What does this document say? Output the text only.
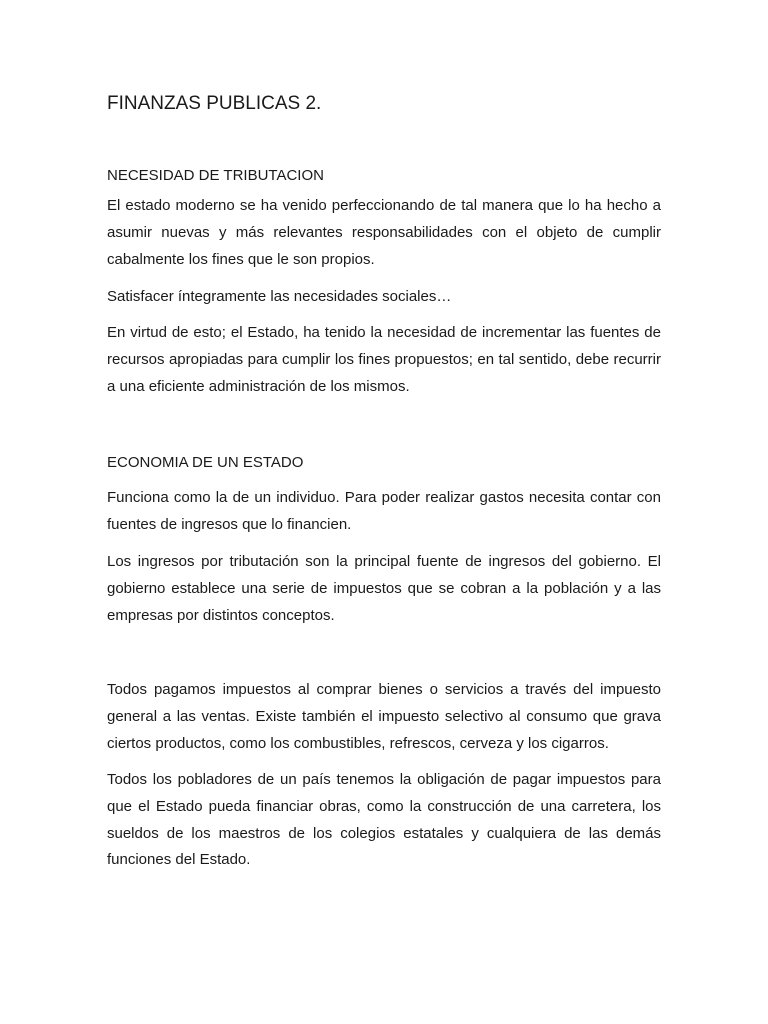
FINANZAS PUBLICAS 2.
NECESIDAD DE TRIBUTACION

El estado moderno se ha venido perfeccionando de tal manera que lo ha hecho a asumir nuevas y más relevantes responsabilidades con el objeto de cumplir cabalmente los fines que le son propios.

Satisfacer íntegramente las necesidades sociales…

En virtud de esto; el Estado, ha tenido la necesidad de incrementar las fuentes de recursos apropiadas para cumplir los fines propuestos; en tal sentido, debe recurrir a una eficiente administración de los mismos.

ECONOMIA DE UN ESTADO

Funciona como la de un individuo. Para poder realizar gastos necesita contar con fuentes de ingresos que lo financien.

Los ingresos por tributación son la principal fuente de ingresos del gobierno. El gobierno establece una serie de impuestos que se cobran a la población y a las empresas por distintos conceptos.

Todos pagamos impuestos al comprar bienes o servicios a través del impuesto general a las ventas. Existe también el impuesto selectivo al consumo que grava ciertos productos, como los combustibles, refrescos, cerveza y los cigarros.

Todos los pobladores de un país tenemos la obligación de pagar impuestos para que el Estado pueda financiar obras, como la construcción de una carretera, los sueldos de los maestros de los colegios estatales y cualquiera de las demás funciones del Estado.
